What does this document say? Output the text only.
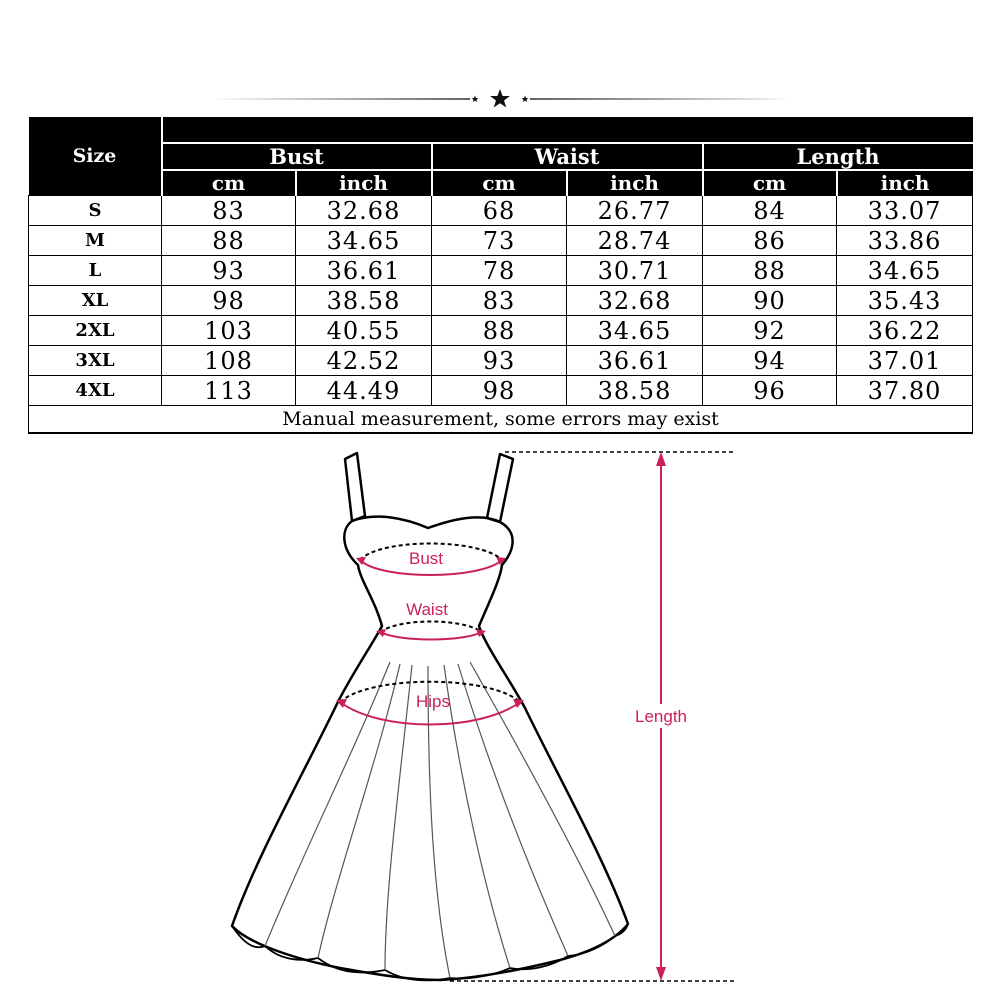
Size						
	Bust		Waist		Length	
	cm	inch	cm	inch	cm	inch
S	83	32.68	68	26.77	84	33.07
M	88	34.65	73	28.74	86	33.86
L	93	36.61	78	30.71	88	34.65
XL	98	38.58	83	32.68	90	35.43
2XL	103	40.55	88	34.65	92	36.22
3XL	108	42.52	93	36.61	94	37.01
4XL	113	44.49	98	38.58	96	37.80
Manual measurement, some errors may exist						
Bust
Waist
Hips
Length
